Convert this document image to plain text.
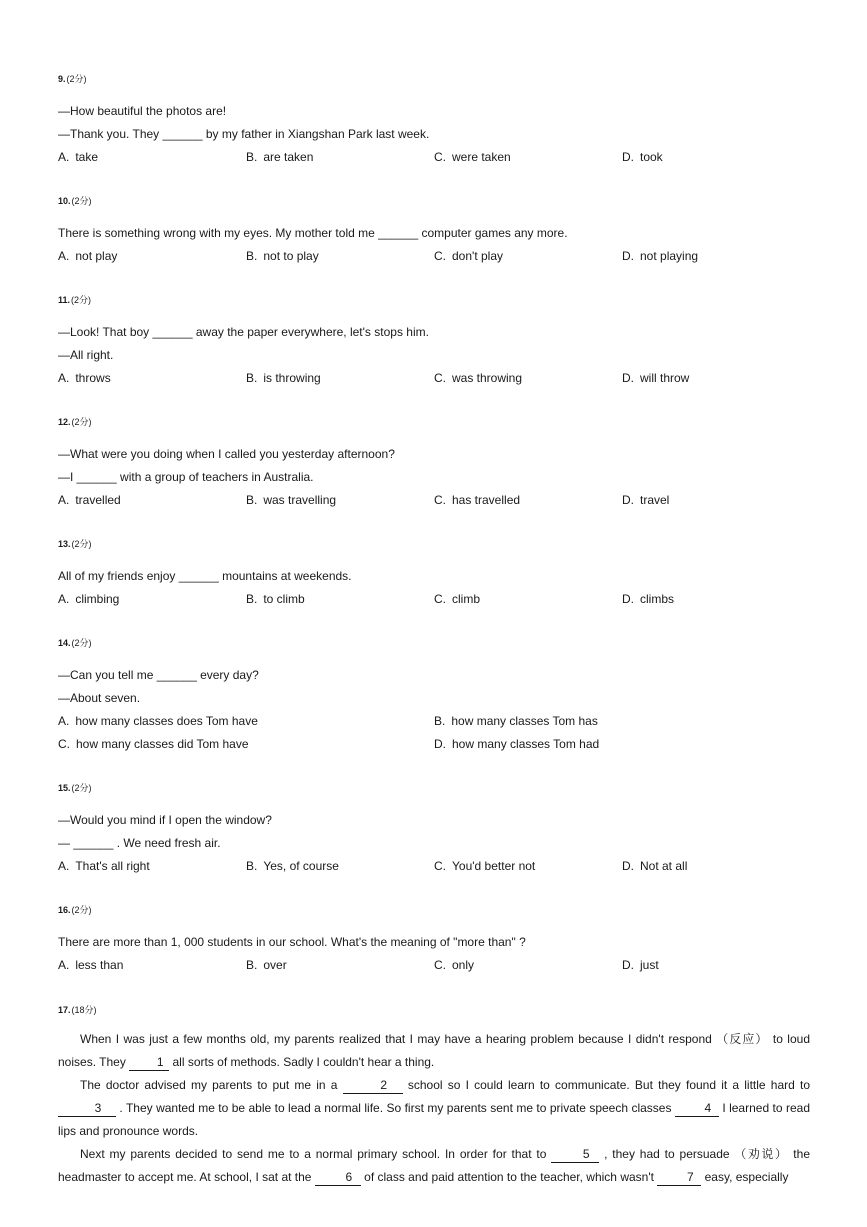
9.(2分)
—How beautiful the photos are!
—Thank you. They ______ by my father in Xiangshan Park last week.
A. take	B. are taken	C. were taken	D. took
10.(2分)
There is something wrong with my eyes. My mother told me ______ computer games any more.
A. not play	B. not to play	C. don't play	D. not playing
11.(2分)
—Look! That boy ______ away the paper everywhere, let's stops him.
—All right.
A. throws	B. is throwing	C. was throwing	D. will throw
12.(2分)
—What were you doing when I called you yesterday afternoon?
—I ______ with a group of teachers in Australia.
A. travelled	B. was travelling	C. has travelled	D. travel
13.(2分)
All of my friends enjoy ______ mountains at weekends.
A. climbing	B. to climb	C. climb	D. climbs
14.(2分)
—Can you tell me ______ every day?
—About seven.
A. how many classes does Tom have	B. how many classes Tom has
C. how many classes did Tom have	D. how many classes Tom had
15.(2分)
—Would you mind if I open the window?
— ______ . We need fresh air.
A. That's all right	B. Yes, of course	C. You'd better not	D. Not at all
16.(2分)
There are more than 1, 000 students in our school. What's the meaning of "more than" ?
A. less than	B. over	C. only	D. just
17.(18分)

When I was just a few months old, my parents realized that I may have a hearing problem because I didn't respond （反应） to loud noises. They 1 all sorts of methods. Sadly I couldn't hear a thing.

The doctor advised my parents to put me in a	2 school so I could learn to communicate. But they found it a little hard to 3 . They wanted me to be able to lead a normal life. So first my parents sent me to private speech classes 4 I learned to read lips and pronounce words.

Next my parents decided to send me to a normal primary school. In order for that to	5 , they had to persuade （劝说） the headmaster to accept me. At school, I sat at the	6 of class and paid attention to the teacher, which wasn't 7 easy, especially
